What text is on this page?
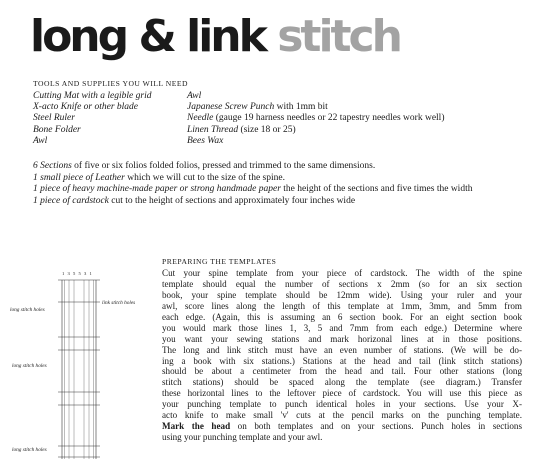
long & link stitch
TOOLS AND SUPPLIES YOU WILL NEED
Cutting Mat with a legible grid
X-acto Knife or other blade
Steel Ruler
Bone Folder
Awl
Awl
Japanese Screw Punch with 1mm bit
Needle (gauge 19 harness needles or 22 tapestry needles work well)
Linen Thread (size 18 or 25)
Bees Wax
6 Sections of five or six folios folded folios, pressed and trimmed to the same dimensions.
1 small piece of Leather which we will cut to the size of the spine.
1 piece of heavy machine-made paper or strong handmade paper the height of the sections and five times the width
1 piece of cardstock cut to the height of sections and approximately four inches wide
1 3 5 5 3 1
link stitch holes
long stitch holes
long stitch holes
long stitch holes
PREPARING THE TEMPLATES
Cut your spine template from your piece of cardstock. The width of the spine
template should equal the number of sections x 2mm (so for an six section
book, your spine template should be 12mm wide). Using your ruler and your
awl, score lines along the length of this template at 1mm, 3mm, and 5mm from
each edge. (Again, this is assuming an 6 section book. For an eight section book
you would mark those lines 1, 3, 5 and 7mm from each edge.) Determine where
you want your sewing stations and mark horizonal lines at in those positions.
The long and link stitch must have an even number of stations. (We will be do-
ing a book with six stations.) Stations at the head and tail (link stitch stations)
should be about a centimeter from the head and tail. Four other stations (long
stitch stations) should be spaced along the template (see diagram.) Transfer
these horizontal lines to the leftover piece of cardstock. You will use this piece as
your punching template to punch identical holes in your sections. Use your X-
acto knife to make small 'v' cuts at the pencil marks on the punching template.
Mark the head on both templates and on your sections. Punch holes in sections
using your punching template and your awl.
